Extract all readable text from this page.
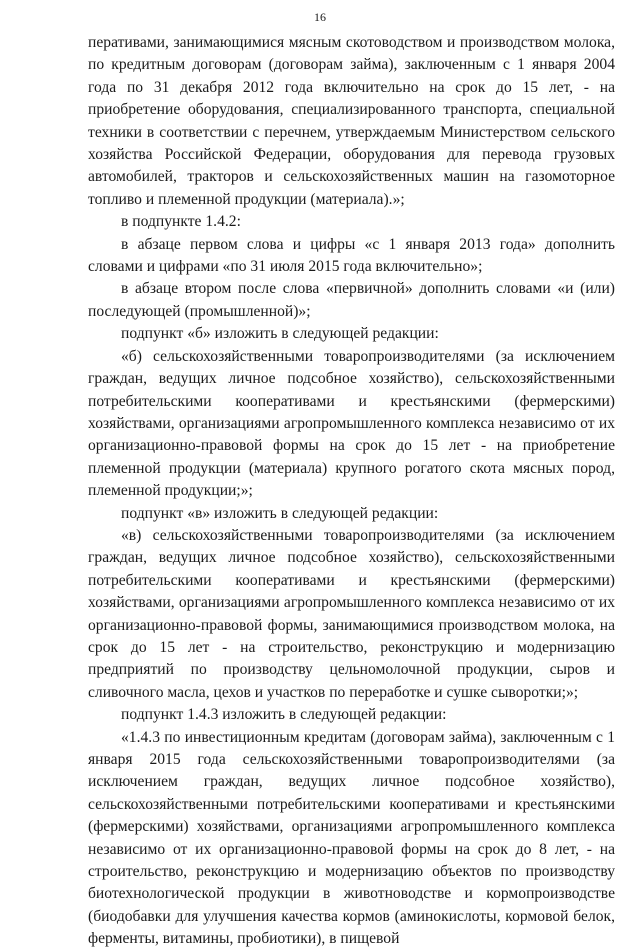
16

перативами, занимающимися мясным скотоводством и производством молока, по кредитным договорам (договорам займа), заключенным с 1 января 2004 года по 31 декабря 2012 года включительно на срок до 15 лет, - на приобретение оборудования, специализированного транспорта, специальной техники в соответствии с перечнем, утверждаемым Министерством сельского хозяйства Российской Федерации, оборудования для перевода грузовых автомобилей, тракторов и сельскохозяйственных машин на газомоторное топливо и племенной продукции (материала).»;

в подпункте 1.4.2:

в абзаце первом слова и цифры «с 1 января 2013 года» дополнить словами и цифрами «по 31 июля 2015 года включительно»;

в абзаце втором после слова «первичной» дополнить словами «и (или) последующей (промышленной)»;

подпункт «б» изложить в следующей редакции:

«б) сельскохозяйственными товаропроизводителями (за исключением граждан, ведущих личное подсобное хозяйство), сельскохозяйственными потребительскими кооперативами и крестьянскими (фермерскими) хозяйствами, организациями агропромышленного комплекса независимо от их организационно-правовой формы на срок до 15 лет - на приобретение племенной продукции (материала) крупного рогатого скота мясных пород, племенной продукции;»;

подпункт «в» изложить в следующей редакции:

«в) сельскохозяйственными товаропроизводителями (за исключением граждан, ведущих личное подсобное хозяйство), сельскохозяйственными потребительскими кооперативами и крестьянскими (фермерскими) хозяйствами, организациями агропромышленного комплекса независимо от их организационно-правовой формы, занимающимися производством молока, на срок до 15 лет - на строительство, реконструкцию и модернизацию предприятий по производству цельномолочной продукции, сыров и сливочного масла, цехов и участков по переработке и сушке сыворотки;»;

подпункт 1.4.3 изложить в следующей редакции:

«1.4.3 по инвестиционным кредитам (договорам займа), заключенным с 1 января 2015 года сельскохозяйственными товаропроизводителями (за исключением граждан, ведущих личное подсобное хозяйство), сельскохозяйственными потребительскими кооперативами и крестьянскими (фермерскими) хозяйствами, организациями агропромышленного комплекса независимо от их организационно-правовой формы на срок до 8 лет, - на строительство, реконструкцию и модернизацию объектов по производству биотехнологической продукции в животноводстве и кормопроизводстве (биодобавки для улучшения качества кормов (аминокислоты, кормовой белок, ферменты, витамины, пробиотики), в пищевой
